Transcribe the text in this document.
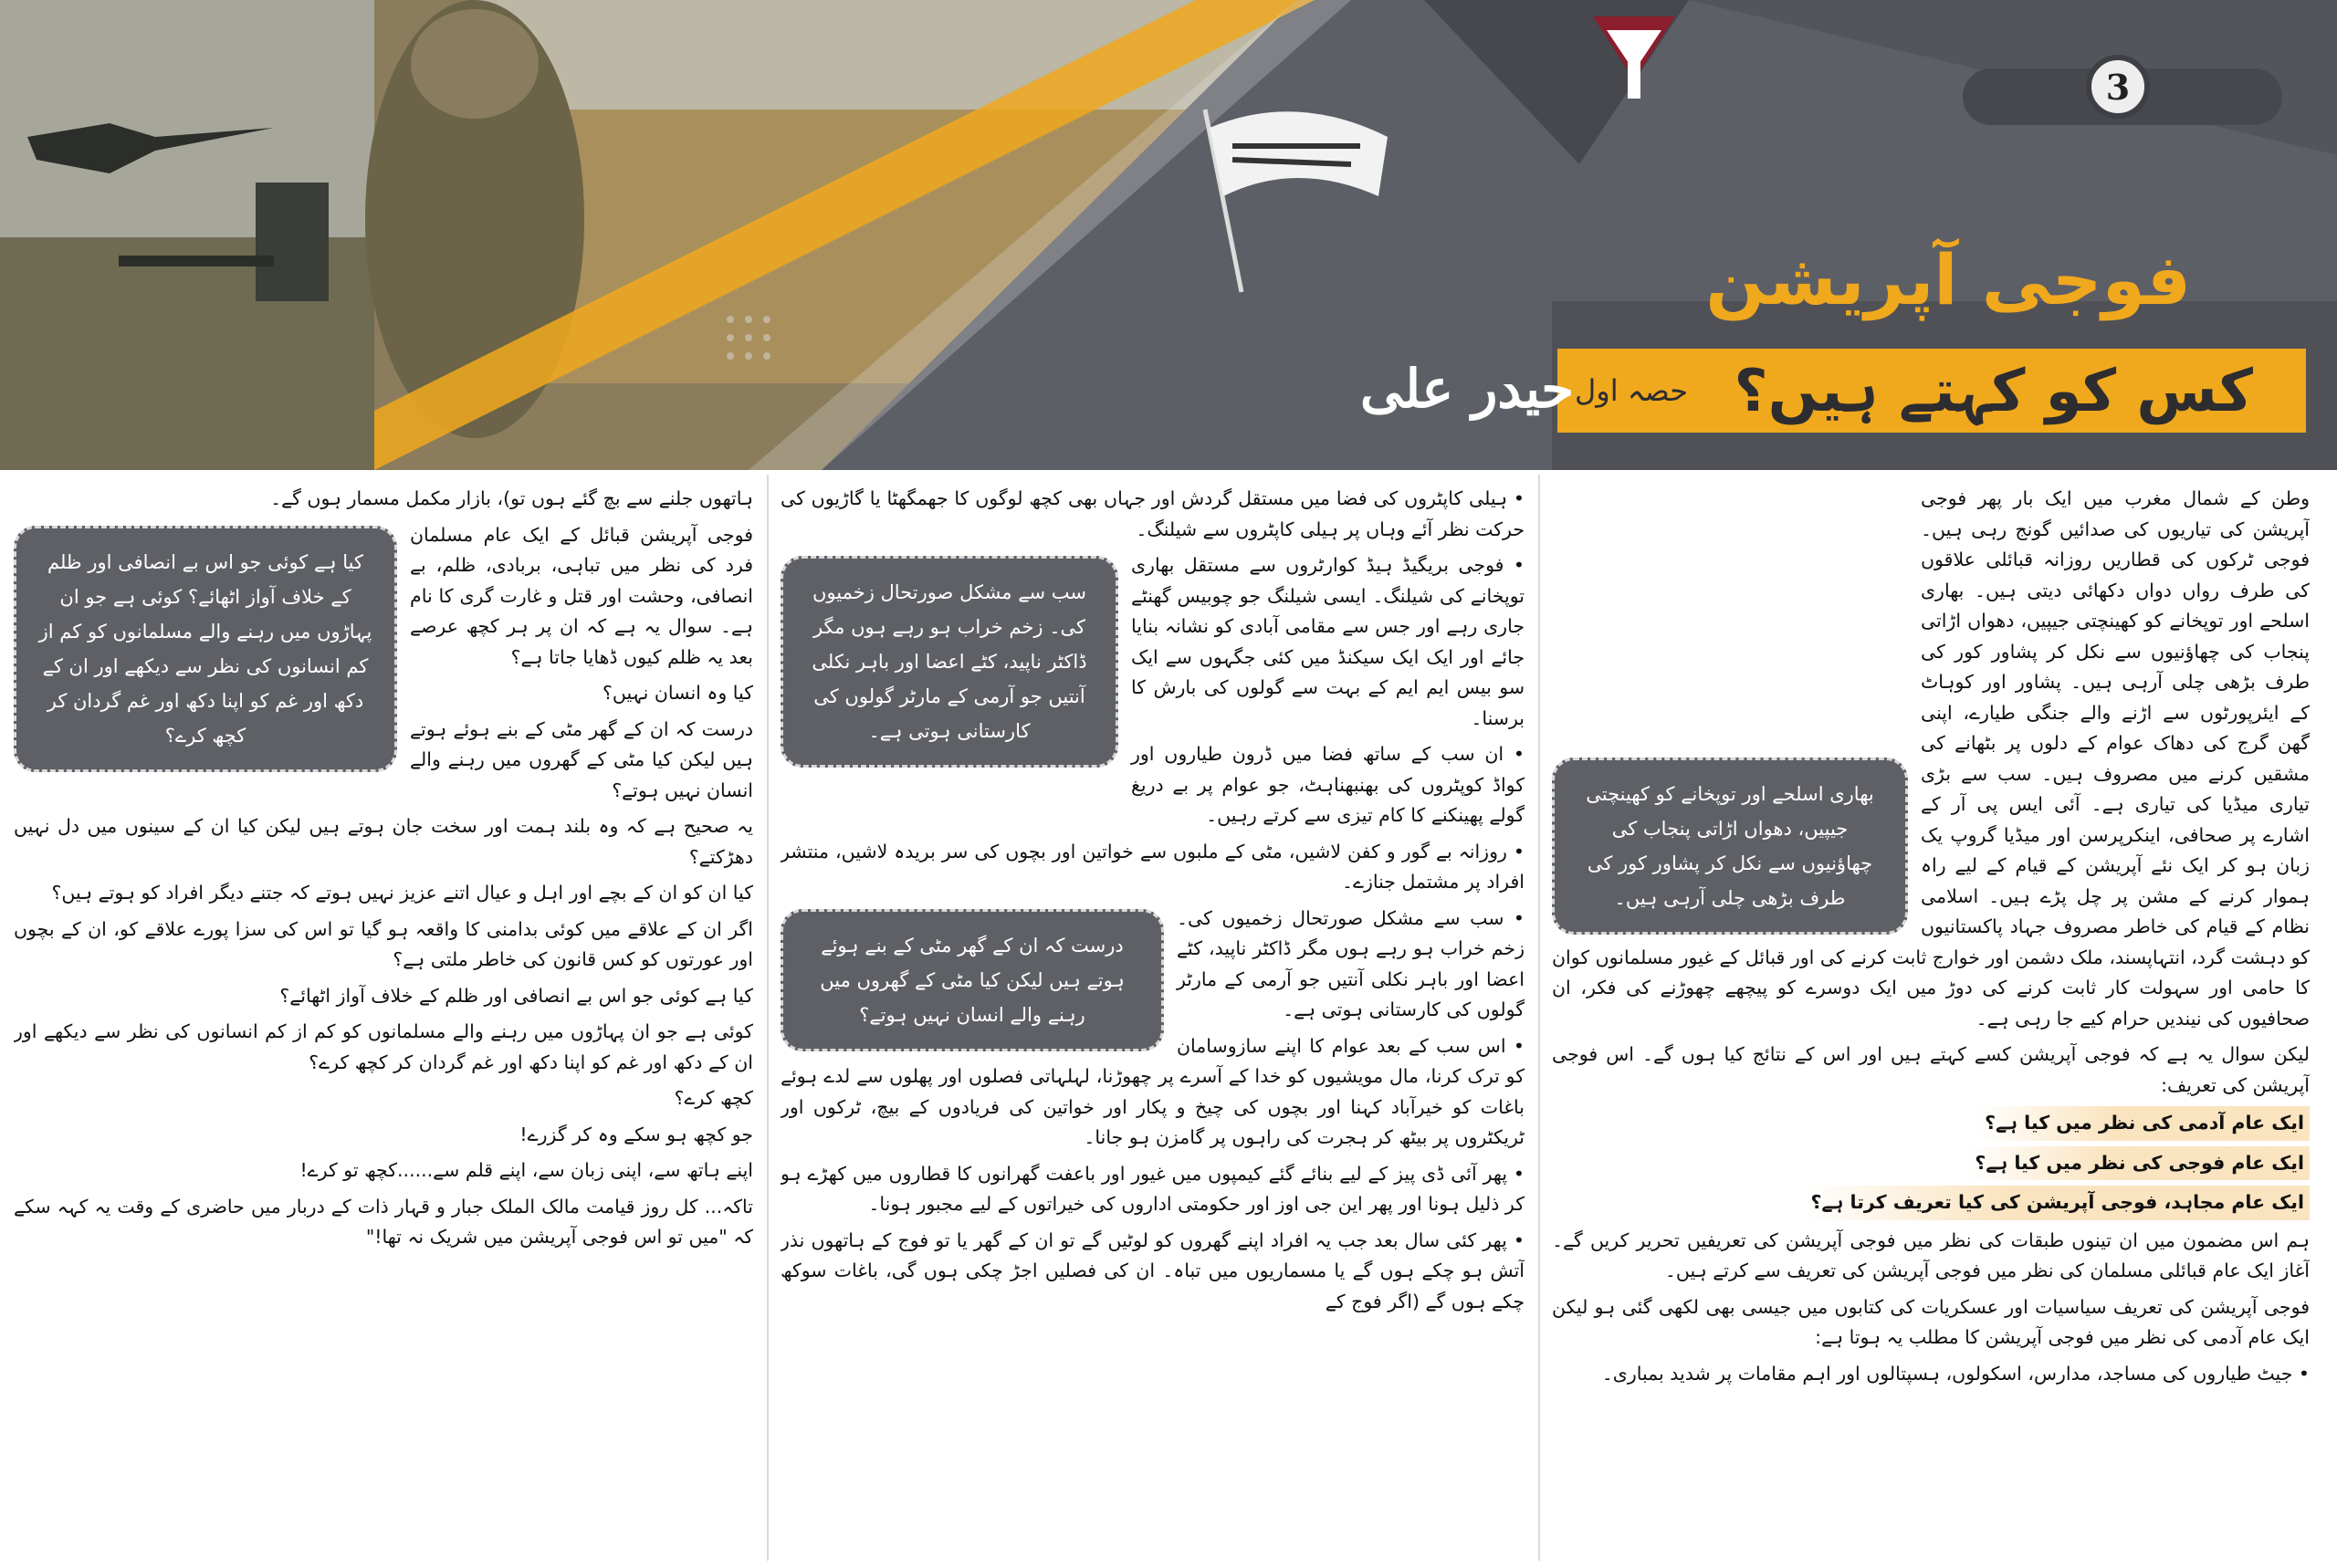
3
فوجی آپریشن
کس کو کہتے ہیں؟
حصہ اول
حیدر علی
بھاری اسلحے اور توپخانے کو کھینچتی جیپیں، دھواں اڑاتی پنجاب کی چھاؤنیوں سے نکل کر پشاور کور کی طرف بڑھی چلی آرہی ہیں۔

وطن کے شمال مغرب میں ایک بار پھر فوجی آپریشن کی تیاریوں کی صدائیں گونج رہی ہیں۔ فوجی ٹرکوں کی قطاریں روزانہ قبائلی علاقوں کی طرف رواں دواں دکھائی دیتی ہیں۔ بھاری اسلحے اور توپخانے کو کھینچتی جیپیں، دھواں اڑاتی پنجاب کی چھاؤنیوں سے نکل کر پشاور کور کی طرف بڑھی چلی آرہی ہیں۔ پشاور اور کوہاٹ کے ایئرپورٹوں سے اڑنے والے جنگی طیارے، اپنی گھن گرج کی دھاک عوام کے دلوں پر بٹھانے کی مشقیں کرنے میں مصروف ہیں۔ سب سے بڑی تیاری میڈیا کی تیاری ہے۔ آئی ایس پی آر کے اشارے پر صحافی، اینکرپرسن اور میڈیا گروپ یک زبان ہو کر ایک نئے آپریشن کے قیام کے لیے راہ ہموار کرنے کے مشن پر چل پڑے ہیں۔ اسلامی نظام کے قیام کی خاطر مصروف جہاد پاکستانیوں کو دہشت گرد، انتہاپسند، ملک دشمن اور خوارج ثابت کرنے کی اور قبائل کے غیور مسلمانوں کوان کا حامی اور سہولت کار ثابت کرنے کی دوڑ میں ایک دوسرے کو پیچھے چھوڑنے کی فکر، ان صحافیوں کی نیندیں حرام کیے جا رہی ہے۔

لیکن سوال یہ ہے کہ فوجی آپریشن کسے کہتے ہیں اور اس کے نتائج کیا ہوں گے۔ اس فوجی آپریشن کی تعریف:

ایک عام آدمی کی نظر میں کیا ہے؟

ایک عام فوجی کی نظر میں کیا ہے؟

ایک عام مجاہد، فوجی آپریشن کی کیا تعریف کرتا ہے؟

ہم اس مضمون میں ان تینوں طبقات کی نظر میں فوجی آپریشن کی تعریفیں تحریر کریں گے۔ آغاز ایک عام قبائلی مسلمان کی نظر میں فوجی آپریشن کی تعریف سے کرتے ہیں۔

فوجی آپریشن کی تعریف سیاسیات اور عسکریات کی کتابوں میں جیسی بھی لکھی گئی ہو لیکن ایک عام آدمی کی نظر میں فوجی آپریشن کا مطلب یہ ہوتا ہے:

• جیٹ طیاروں کی مساجد، مدارس، اسکولوں، ہسپتالوں اور اہم مقامات پر شدید بمباری۔

• ہیلی کاپٹروں کی فضا میں مستقل گردش اور جہاں بھی کچھ لوگوں کا جھمگھٹا یا گاڑیوں کی حرکت نظر آئے وہاں پر ہیلی کاپٹروں سے شیلنگ۔

سب سے مشکل صورتحال زخمیوں کی۔ زخم خراب ہو رہے ہوں مگر ڈاکٹر ناپید، کٹے اعضا اور باہر نکلی آنتیں جو آرمی کے مارٹر گولوں کی کارستانی ہوتی ہے۔

• فوجی بریگیڈ ہیڈ کوارٹروں سے مستقل بھاری توپخانے کی شیلنگ۔ ایسی شیلنگ جو چوبیس گھنٹے جاری رہے اور جس سے مقامی آبادی کو نشانہ بنایا جائے اور ایک ایک سیکنڈ میں کئی جگہوں سے ایک سو بیس ایم ایم کے بہت سے گولوں کی بارش کا برسنا۔

• ان سب کے ساتھ فضا میں ڈرون طیاروں اور کواڈ کوپٹروں کی بھنبھناہٹ، جو عوام پر بے دریغ گولے پھینکنے کا کام تیزی سے کرتے رہیں۔

• روزانہ بے گور و کفن لاشیں، مٹی کے ملبوں سے خواتین اور بچوں کی سر بریدہ لاشیں، منتشر افراد پر مشتمل جنازے۔

درست کہ ان کے گھر مٹی کے بنے ہوئے ہوتے ہیں لیکن کیا مٹی کے گھروں میں رہنے والے انسان نہیں ہوتے؟

• سب سے مشکل صورتحال زخمیوں کی۔ زخم خراب ہو رہے ہوں مگر ڈاکٹر ناپید، کٹے اعضا اور باہر نکلی آنتیں جو آرمی کے مارٹر گولوں کی کارستانی ہوتی ہے۔

• اس سب کے بعد عوام کا اپنے سازوسامان کو ترک کرنا، مال مویشیوں کو خدا کے آسرے پر چھوڑنا، لہلہاتی فصلوں اور پھلوں سے لدے ہوئے باغات کو خیرآباد کہنا اور بچوں کی چیخ و پکار اور خواتین کی فریادوں کے بیچ، ٹرکوں اور ٹریکٹروں پر بیٹھ کر ہجرت کی راہوں پر گامزن ہو جانا۔

• پھر آئی ڈی پیز کے لیے بنائے گئے کیمپوں میں غیور اور باعفت گھرانوں کا قطاروں میں کھڑے ہو کر ذلیل ہونا اور پھر این جی اوز اور حکومتی اداروں کی خیراتوں کے لیے مجبور ہونا۔

• پھر کئی سال بعد جب یہ افراد اپنے گھروں کو لوٹیں گے تو ان کے گھر یا تو فوج کے ہاتھوں نذر آتش ہو چکے ہوں گے یا مسماریوں میں تباہ۔ ان کی فصلیں اجڑ چکی ہوں گی، باغات سوکھ چکے ہوں گے (اگر فوج کے

ہاتھوں جلنے سے بچ گئے ہوں تو)، بازار مکمل مسمار ہوں گے۔

کیا ہے کوئی جو اس بے انصافی اور ظلم کے خلاف آواز اٹھائے؟ کوئی ہے جو ان پہاڑوں میں رہنے والے مسلمانوں کو کم از کم انسانوں کی نظر سے دیکھے اور ان کے دکھ اور غم کو اپنا دکھ اور غم گردان کر کچھ کرے؟

فوجی آپریشن قبائل کے ایک عام مسلمان فرد کی نظر میں تباہی، بربادی، ظلم، بے انصافی، وحشت اور قتل و غارت گری کا نام ہے۔ سوال یہ ہے کہ ان پر ہر کچھ عرصے بعد یہ ظلم کیوں ڈھایا جاتا ہے؟

کیا وہ انسان نہیں؟

درست کہ ان کے گھر مٹی کے بنے ہوئے ہوتے ہیں لیکن کیا مٹی کے گھروں میں رہنے والے انسان نہیں ہوتے؟

یہ صحیح ہے کہ وہ بلند ہمت اور سخت جان ہوتے ہیں لیکن کیا ان کے سینوں میں دل نہیں دھڑکتے؟

کیا ان کو ان کے بچے اور اہل و عیال اتنے عزیز نہیں ہوتے کہ جتنے دیگر افراد کو ہوتے ہیں؟

اگر ان کے علاقے میں کوئی بدامنی کا واقعہ ہو گیا تو اس کی سزا پورے علاقے کو، ان کے بچوں اور عورتوں کو کس قانون کی خاطر ملتی ہے؟

کیا ہے کوئی جو اس بے انصافی اور ظلم کے خلاف آواز اٹھائے؟

کوئی ہے جو ان پہاڑوں میں رہنے والے مسلمانوں کو کم از کم انسانوں کی نظر سے دیکھے اور ان کے دکھ اور غم کو اپنا دکھ اور غم گردان کر کچھ کرے؟

کچھ کرے؟

جو کچھ ہو سکے وہ کر گزرے!

اپنے ہاتھ سے، اپنی زبان سے، اپنے قلم سے......کچھ تو کرے!

تاکہ... کل روز قیامت مالک الملک جبار و قہار ذات کے دربار میں حاضری کے وقت یہ کہہ سکے کہ "میں تو اس فوجی آپریشن میں شریک نہ تھا!"
